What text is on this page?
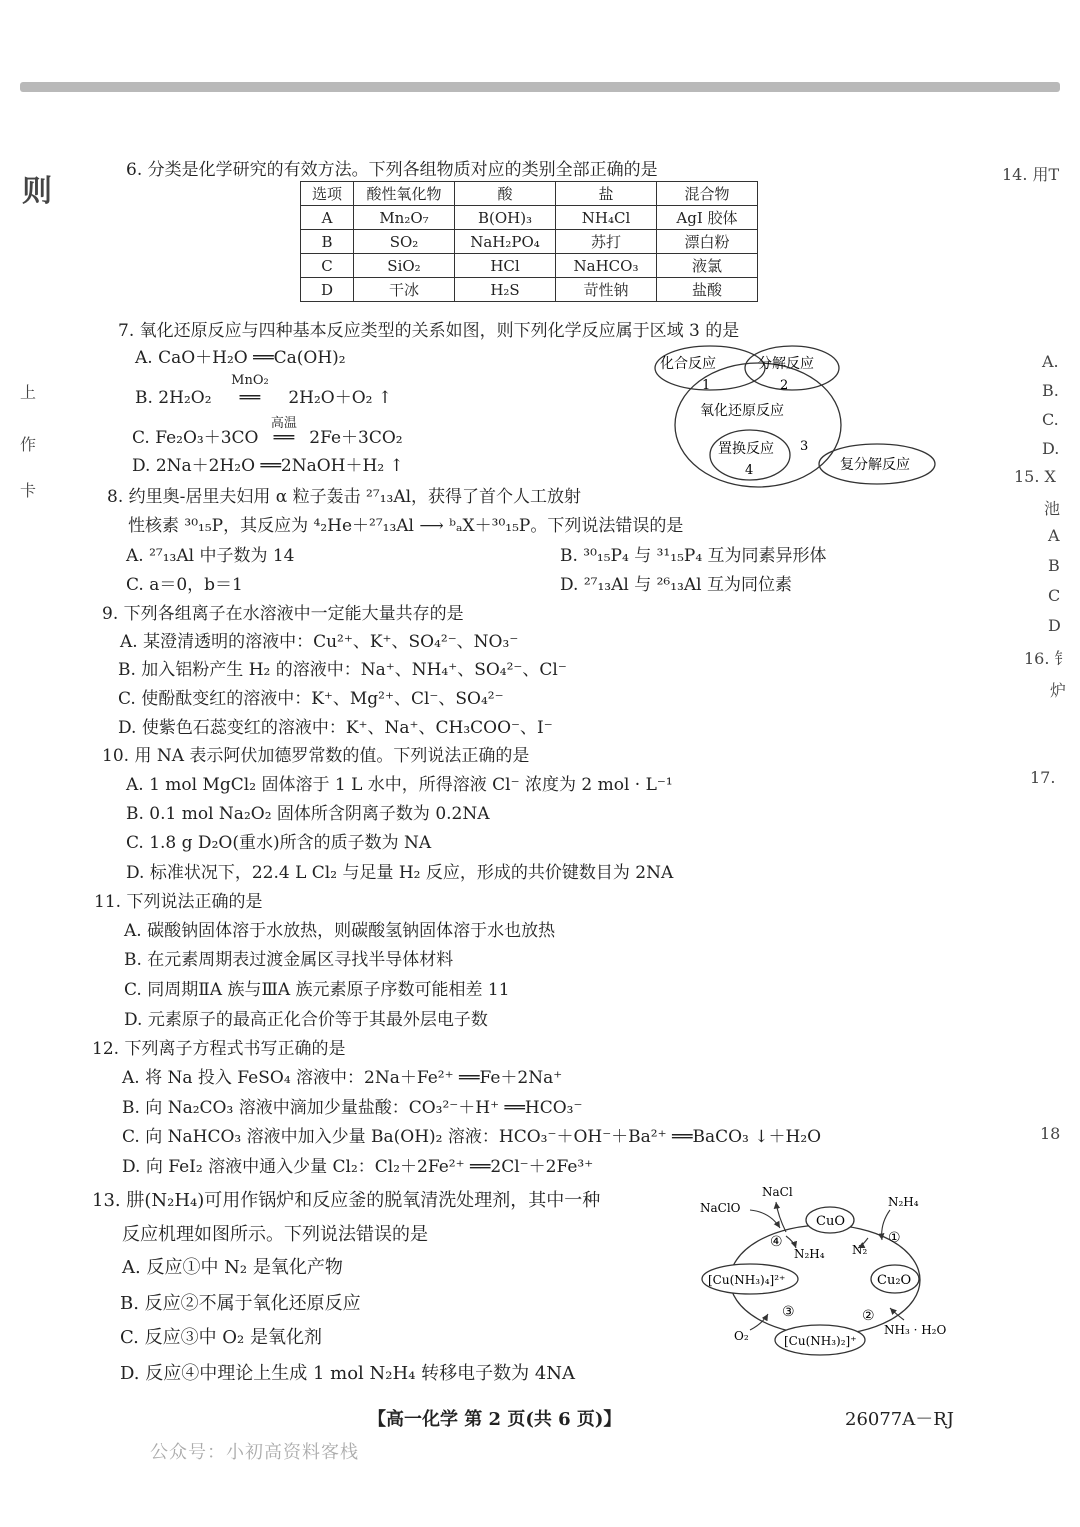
则
上
作
卡
14. 用T
A.
B.
C.
D.
15. X
池
A
B
C
D
16. 钅
炉
17.
18
6. 分类是化学研究的有效方法。下列各组物质对应的类别全部正确的是
选项	酸性氧化物	酸	盐	混合物
A	Mn₂O₇	B(OH)₃	NH₄Cl	AgI 胶体
B	SO₂	NaH₂PO₄	苏打	漂白粉
C	SiO₂	HCl	NaHCO₃	液氯
D	干冰	H₂S	苛性钠	盐酸
7. 氧化还原反应与四种基本反应类型的关系如图，则下列化学反应属于区域 3 的是
A. CaO＋H₂O ══Ca(OH)₂
B. 2H₂O₂
MnO₂
══ 2H₂O＋O₂ ↑
C. Fe₂O₃＋3CO
高温
══ 2Fe＋3CO₂
D. 2Na＋2H₂O ══2NaOH＋H₂ ↑
化合反应	分解反应
氧化还原反应
置换反应
复分解反应
1	2
3
4
8. 约里奥-居里夫妇用 α 粒子轰击 ²⁷₁₃Al，获得了首个人工放射
性核素 ³⁰₁₅P，其反应为 ⁴₂He＋²⁷₁₃Al ⟶ ᵇₐX＋³⁰₁₅P。下列说法错误的是
A. ²⁷₁₃Al 中子数为 14	B. ³⁰₁₅P₄ 与 ³¹₁₅P₄ 互为同素异形体
C. a＝0，b＝1	D. ²⁷₁₃Al 与 ²⁶₁₃Al 互为同位素
9. 下列各组离子在水溶液中一定能大量共存的是
A. 某澄清透明的溶液中：Cu²⁺、K⁺、SO₄²⁻、NO₃⁻
B. 加入铝粉产生 H₂ 的溶液中：Na⁺、NH₄⁺、SO₄²⁻、Cl⁻
C. 使酚酞变红的溶液中：K⁺、Mg²⁺、Cl⁻、SO₄²⁻
D. 使紫色石蕊变红的溶液中：K⁺、Na⁺、CH₃COO⁻、I⁻
10. 用 NA 表示阿伏加德罗常数的值。下列说法正确的是
A. 1 mol MgCl₂ 固体溶于 1 L 水中，所得溶液 Cl⁻ 浓度为 2 mol · L⁻¹
B. 0.1 mol Na₂O₂ 固体所含阴离子数为 0.2NA
C. 1.8 g D₂O(重水)所含的质子数为 NA
D. 标准状况下，22.4 L Cl₂ 与足量 H₂ 反应，形成的共价键数目为 2NA
11. 下列说法正确的是
A. 碳酸钠固体溶于水放热，则碳酸氢钠固体溶于水也放热
B. 在元素周期表过渡金属区寻找半导体材料
C. 同周期ⅡA 族与ⅢA 族元素原子序数可能相差 11
D. 元素原子的最高正化合价等于其最外层电子数
12. 下列离子方程式书写正确的是
A. 将 Na 投入 FeSO₄ 溶液中：2Na＋Fe²⁺ ══Fe＋2Na⁺
B. 向 Na₂CO₃ 溶液中滴加少量盐酸：CO₃²⁻＋H⁺ ══HCO₃⁻
C. 向 NaHCO₃ 溶液中加入少量 Ba(OH)₂ 溶液：HCO₃⁻＋OH⁻＋Ba²⁺ ══BaCO₃ ↓＋H₂O
D. 向 FeI₂ 溶液中通入少量 Cl₂：Cl₂＋2Fe²⁺ ══2Cl⁻＋2Fe³⁺
13. 肼(N₂H₄)可用作锅炉和反应釜的脱氧清洗处理剂，其中一种
反应机理如图所示。下列说法错误的是
A. 反应①中 N₂ 是氧化产物
B. 反应②不属于氧化还原反应
C. 反应③中 O₂ 是氧化剂
D. 反应④中理论上生成 1 mol N₂H₄ 转移电子数为 4NA
CuO
Cu₂O
[Cu(NH₃)₄]²⁺
[Cu(NH₃)₂]⁺
NaClO
NaCl
N₂H₄
N₂
N₂H₄
O₂	NH₃ · H₂O
①
②
③
④
【高一化学 第 2 页(共 6 页)】	26077A－RJ
公众号：小初高资料客栈
